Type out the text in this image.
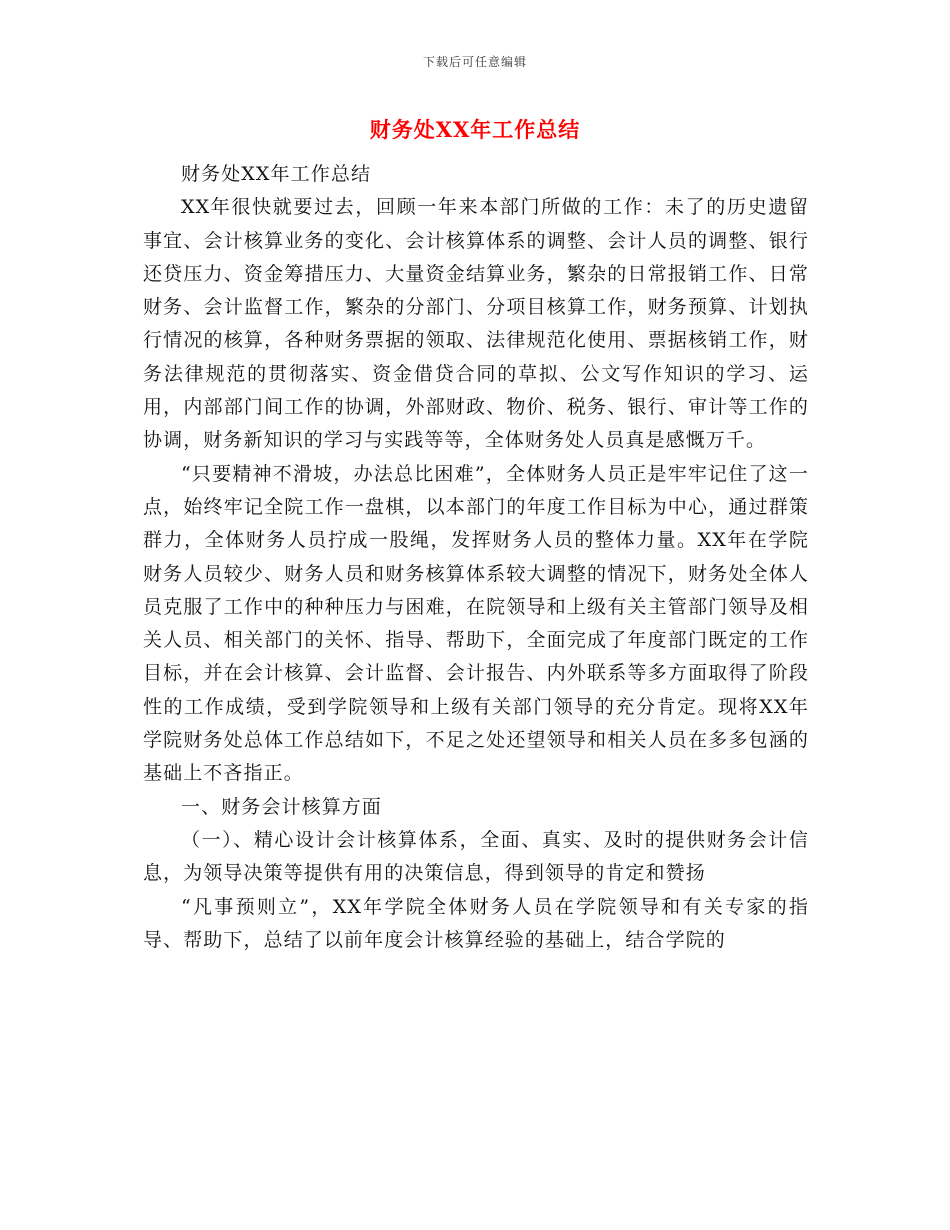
下载后可任意编辑
财务处XX年工作总结

财务处XX年工作总结

XX年很快就要过去，回顾一年来本部门所做的工作：未了的历史遗留事宜、会计核算业务的变化、会计核算体系的调整、会计人员的调整、银行还贷压力、资金筹措压力、大量资金结算业务，繁杂的日常报销工作、日常财务、会计监督工作，繁杂的分部门、分项目核算工作，财务预算、计划执行情况的核算，各种财务票据的领取、法律规范化使用、票据核销工作，财务法律规范的贯彻落实、资金借贷合同的草拟、公文写作知识的学习、运用，内部部门间工作的协调，外部财政、物价、税务、银行、审计等工作的协调，财务新知识的学习与实践等等，全体财务处人员真是感慨万千。

“只要精神不滑坡，办法总比困难”，全体财务人员正是牢牢记住了这一点，始终牢记全院工作一盘棋，以本部门的年度工作目标为中心，通过群策群力，全体财务人员拧成一股绳，发挥财务人员的整体力量。XX年在学院财务人员较少、财务人员和财务核算体系较大调整的情况下，财务处全体人员克服了工作中的种种压力与困难，在院领导和上级有关主管部门领导及相关人员、相关部门的关怀、指导、帮助下，全面完成了年度部门既定的工作目标，并在会计核算、会计监督、会计报告、内外联系等多方面取得了阶段性的工作成绩，受到学院领导和上级有关部门领导的充分肯定。现将XX年学院财务处总体工作总结如下，不足之处还望领导和相关人员在多多包涵的基础上不吝指正。

一、财务会计核算方面

（一）、精心设计会计核算体系，全面、真实、及时的提供财务会计信息，为领导决策等提供有用的决策信息，得到领导的肯定和赞扬

“凡事预则立”，XX年学院全体财务人员在学院领导和有关专家的指导、帮助下，总结了以前年度会计核算经验的基础上，结合学院的
